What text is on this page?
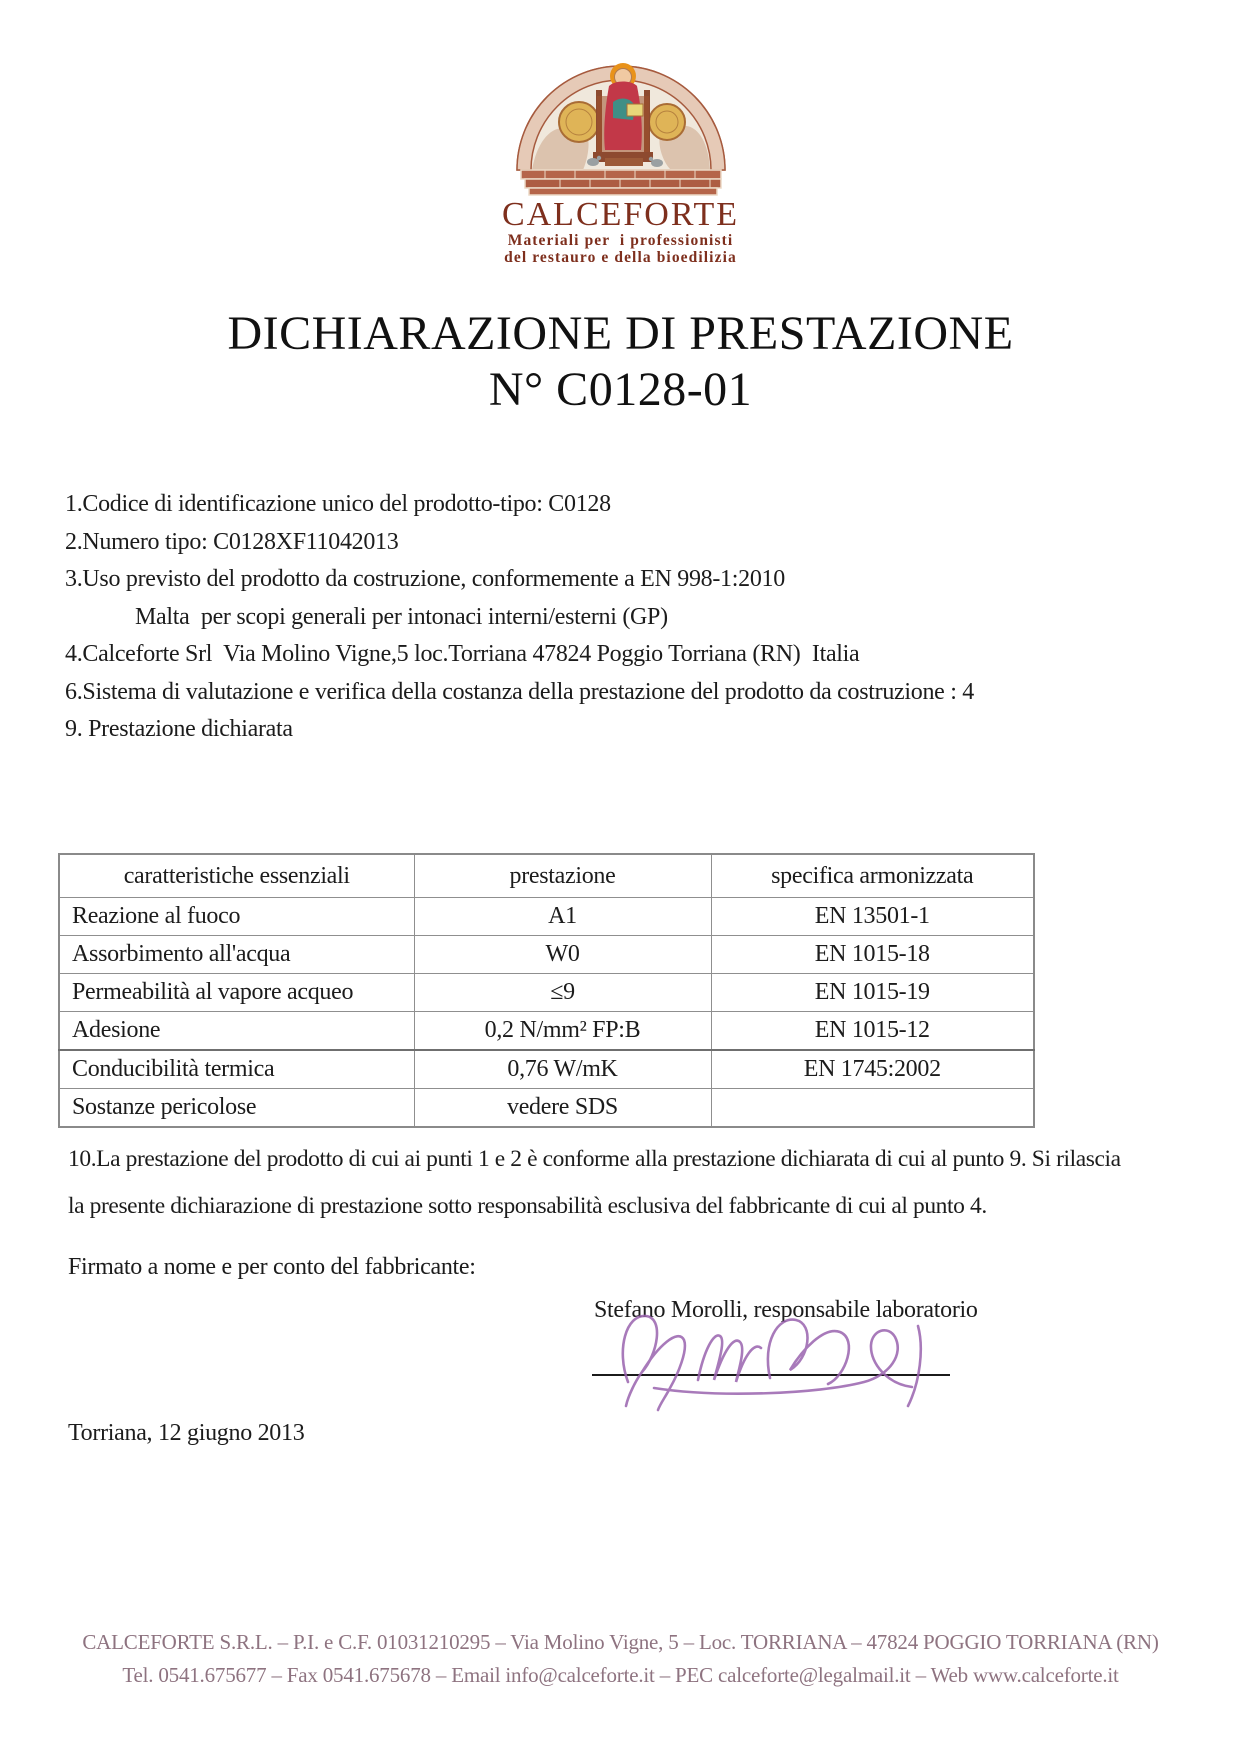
CALCEFORTE
Materiali per  i professionisti
del restauro e della bioedilizia
DICHIARAZIONE DI PRESTAZIONE
N° C0128-01
1.Codice di identificazione unico del prodotto-tipo: C0128
2.Numero tipo: C0128XF11042013
3.Uso previsto del prodotto da costruzione, conformemente a EN 998-1:2010
Malta  per scopi generali per intonaci interni/esterni (GP)
4.Calceforte Srl  Via Molino Vigne,5 loc.Torriana 47824 Poggio Torriana (RN)  Italia
6.Sistema di valutazione e verifica della costanza della prestazione del prodotto da costruzione : 4
9. Prestazione dichiarata
caratteristiche essenziali	prestazione	specifica armonizzata
Reazione al fuoco	A1	EN 13501-1
Assorbimento all'acqua	W0	EN 1015-18
Permeabilità al vapore acqueo	≤9	EN 1015-19
Adesione	0,2 N/mm² FP:B	EN 1015-12
Conducibilità termica	0,76 W/mK	EN 1745:2002
Sostanze pericolose	vedere SDS	
10.La prestazione del prodotto di cui ai punti 1 e 2 è conforme alla prestazione dichiarata di cui al punto 9. Si rilascia
la presente dichiarazione di prestazione sotto responsabilità esclusiva del fabbricante di cui al punto 4.
Firmato a nome e per conto del fabbricante:
Stefano Morolli, responsabile laboratorio
Torriana, 12 giugno 2013
CALCEFORTE S.R.L. – P.I. e C.F. 01031210295 – Via Molino Vigne, 5 – Loc. TORRIANA – 47824 POGGIO TORRIANA (RN)
Tel. 0541.675677 – Fax 0541.675678 – Email info@calceforte.it – PEC calceforte@legalmail.it – Web www.calceforte.it
